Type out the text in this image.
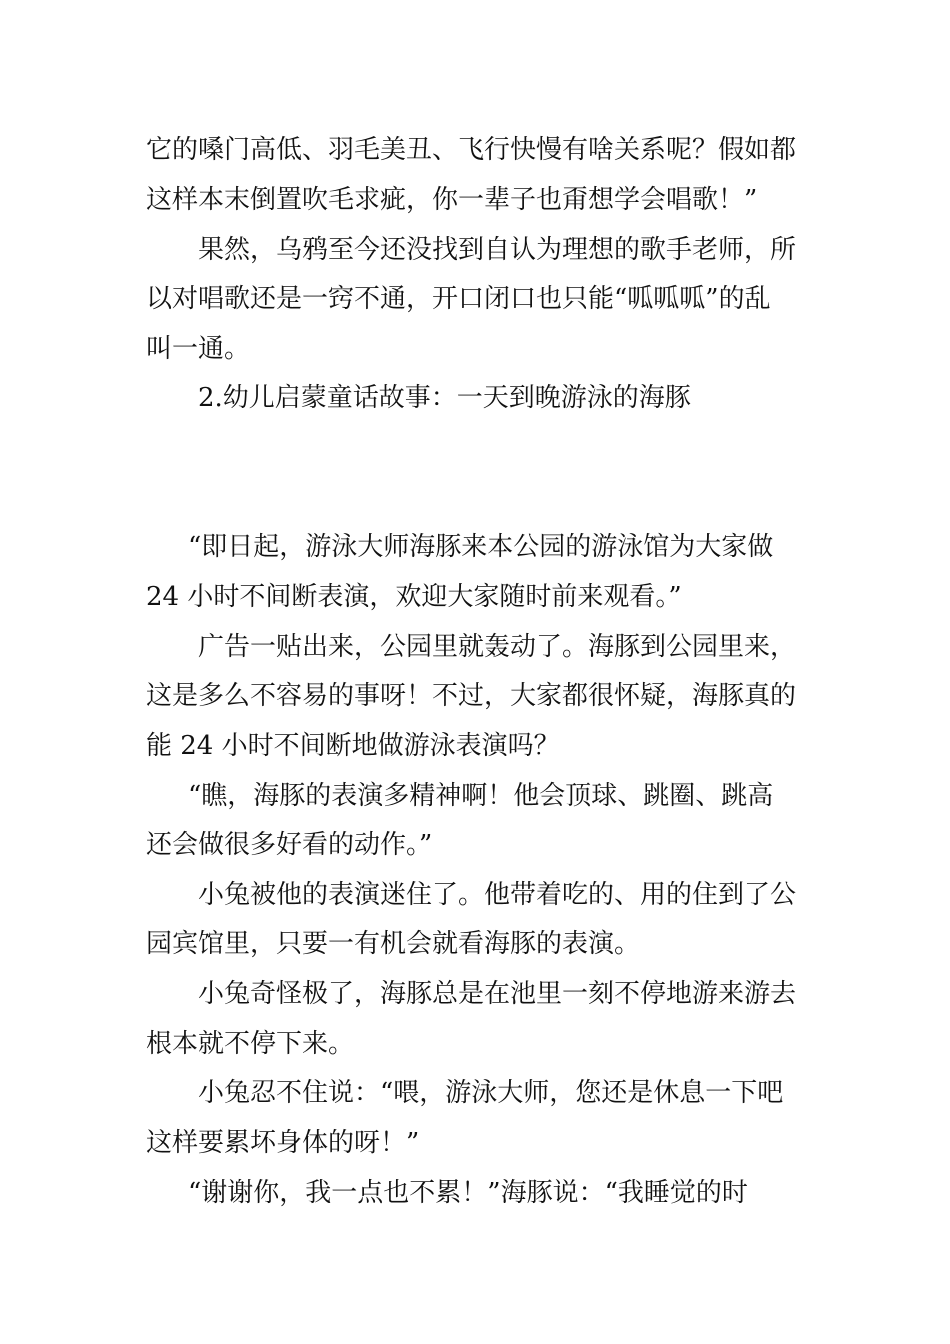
它的嗓门高低、羽毛美丑、飞行快慢有啥关系呢？假如都
这样本末倒置吹毛求疵，你一辈子也甭想学会唱歌！”
果然，乌鸦至今还没找到自认为理想的歌手老师，所
以对唱歌还是一窍不通，开口闭口也只能“呱呱呱”的乱
叫一通。
2.幼儿启蒙童话故事：一天到晚游泳的海豚
“即日起，游泳大师海豚来本公园的游泳馆为大家做
24 小时不间断表演，欢迎大家随时前来观看。”
广告一贴出来，公园里就轰动了。海豚到公园里来，
这是多么不容易的事呀！不过，大家都很怀疑，海豚真的
能 24 小时不间断地做游泳表演吗？
“瞧，海豚的表演多精神啊！他会顶球、跳圈、跳高
还会做很多好看的动作。”
小兔被他的表演迷住了。他带着吃的、用的住到了公
园宾馆里，只要一有机会就看海豚的表演。
小兔奇怪极了，海豚总是在池里一刻不停地游来游去
根本就不停下来。
小兔忍不住说：“喂，游泳大师，您还是休息一下吧
这样要累坏身体的呀！”
“谢谢你，我一点也不累！”海豚说：“我睡觉的时
